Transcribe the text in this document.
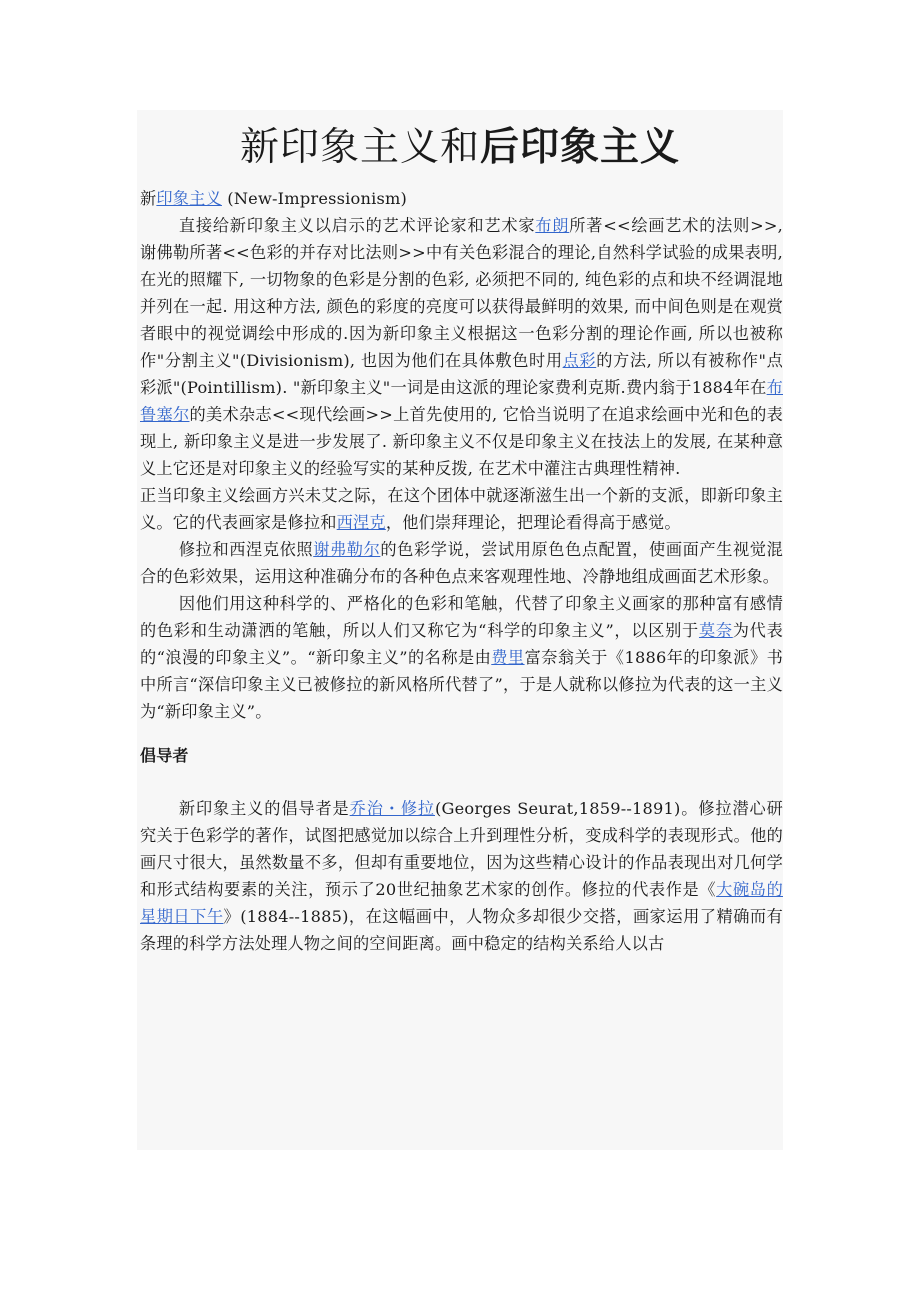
新印象主义和后印象主义

新印象主义 (New-Impressionism)

直接给新印象主义以启示的艺术评论家和艺术家布朗所著<<绘画艺术的法则>>, 谢佛勒所著<<色彩的并存对比法则>>中有关色彩混合的理论,自然科学试验的成果表明, 在光的照耀下, 一切物象的色彩是分割的色彩, 必须把不同的, 纯色彩的点和块不经调混地并列在一起. 用这种方法, 颜色的彩度的亮度可以获得最鲜明的效果, 而中间色则是在观赏者眼中的视觉调绘中形成的.因为新印象主义根据这一色彩分割的理论作画, 所以也被称作"分割主义"(Divisionism), 也因为他们在具体敷色时用点彩的方法, 所以有被称作"点彩派"(Pointillism). "新印象主义"一词是由这派的理论家费利克斯.费内翁于1884年在布鲁塞尔的美术杂志<<现代绘画>>上首先使用的, 它恰当说明了在追求绘画中光和色的表现上, 新印象主义是进一步发展了. 新印象主义不仅是印象主义在技法上的发展, 在某种意义上它还是对印象主义的经验写实的某种反拨, 在艺术中灌注古典理性精神.

正当印象主义绘画方兴未艾之际，在这个团体中就逐渐滋生出一个新的支派，即新印象主义。它的代表画家是修拉和西涅克，他们崇拜理论，把理论看得高于感觉。

修拉和西涅克依照谢弗勒尔的色彩学说，尝试用原色色点配置，使画面产生视觉混合的色彩效果，运用这种准确分布的各种色点来客观理性地、冷静地组成画面艺术形象。

因他们用这种科学的、严格化的色彩和笔触，代替了印象主义画家的那种富有感情的色彩和生动潇洒的笔触，所以人们又称它为“科学的印象主义”，以区别于莫奈为代表的“浪漫的印象主义”。“新印象主义”的名称是由费里富奈翁关于《1886年的印象派》书中所言“深信印象主义已被修拉的新风格所代替了”，于是人就称以修拉为代表的这一主义为“新印象主义”。

倡导者

新印象主义的倡导者是乔治・修拉(Georges Seurat,1859--1891)。修拉潜心研究关于色彩学的著作，试图把感觉加以综合上升到理性分析，变成科学的表现形式。他的画尺寸很大，虽然数量不多，但却有重要地位，因为这些精心设计的作品表现出对几何学和形式结构要素的关注，预示了20世纪抽象艺术家的创作。修拉的代表作是《大碗岛的星期日下午》(1884--1885)，在这幅画中，人物众多却很少交搭，画家运用了精确而有条理的科学方法处理人物之间的空间距离。画中稳定的结构关系给人以古
